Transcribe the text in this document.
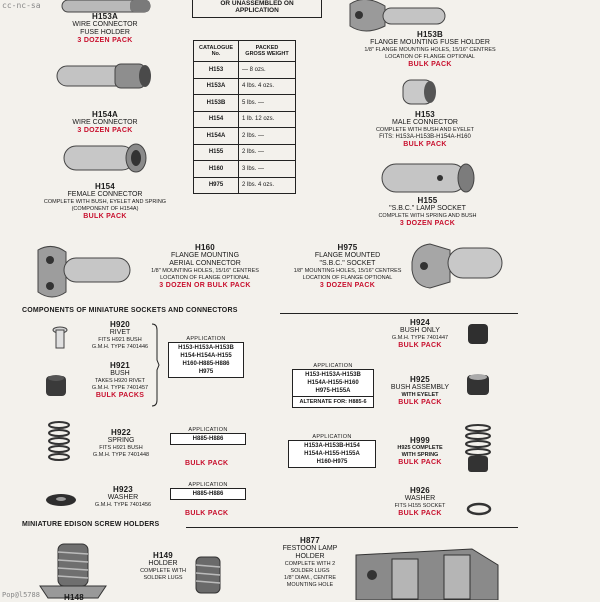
cc-nc-sa
Pop@l5788
OR UNASSEMBLED ON
APPLICATION
H153A
WIRE CONNECTOR
FUSE HOLDER
3 DOZEN PACK
H154A
WIRE CONNECTOR
3 DOZEN PACK
H154
FEMALE CONNECTOR
COMPLETE WITH BUSH, EYELET AND SPRING
(COMPONENT OF H154A)
BULK PACK
CATALOGUE
No.	PACKED
GROSS WEIGHT
H153	— 8 ozs.
H153A	4 lbs. 4 ozs.
H153B	5 lbs. —
H154	1 lb. 12 ozs.
H154A	2 lbs. —
H155	2 lbs. —
H160	3 lbs. —
H975	2 lbs. 4 ozs.
H153B
FLANGE MOUNTING FUSE HOLDER
1/8" FLANGE MOUNTING HOLES, 15/16" CENTRES
LOCATION OF FLANGE OPTIONAL
BULK PACK
H153
MALE CONNECTOR
COMPLETE WITH BUSH AND EYELET
FITS: H153A-H153B-H154A-H160
BULK PACK
H155
"S.B.C." LAMP SOCKET
COMPLETE WITH SPRING AND BUSH
3 DOZEN PACK
H160
FLANGE MOUNTING
AERIAL CONNECTOR
1/8" MOUNTING HOLES, 15/16" CENTRES
LOCATION OF FLANGE OPTIONAL
3 DOZEN OR BULK PACK
H975
FLANGE MOUNTED
"S.B.C." SOCKET
1/8" MOUNTING HOLES, 15/16" CENTRES
LOCATION OF FLANGE OPTIONAL
3 DOZEN PACK
COMPONENTS OF MINIATURE SOCKETS AND CONNECTORS
H920
RIVET
FITS H921 BUSH
G.M.H. TYPE 7401446
H921
BUSH
TAKES H920 RIVET
G.M.H. TYPE 7401457
BULK PACKS
APPLICATION
H153-H153A-H153B
H154-H154A-H155
H160-H885-H886
H975
H922
SPRING
FITS H921 BUSH
G.M.H. TYPE 7401448
APPLICATION
H885-H886
BULK PACK
H923
WASHER
G.M.H. TYPE 7401456
APPLICATION
H885-H886
BULK PACK
APPLICATION
H153-H153A-H153B
H154A-H155-H160
H975-H155A
ALTERNATE FOR: H885-6
APPLICATION
H153A-H153B-H154
H154A-H155-H155A
H160-H975
H924
BUSH ONLY
G.M.H. TYPE 7401447
BULK PACK
H925
BUSH ASSEMBLY
WITH EYELET
BULK PACK
H999
H925 COMPLETE
WITH SPRING
BULK PACK
H926
WASHER
FITS H155 SOCKET
BULK PACK
MINIATURE EDISON SCREW HOLDERS
H148
H149
HOLDER
COMPLETE WITH
SOLDER LUGS
H877
FESTOON LAMP
HOLDER
COMPLETE WITH 2
SOLDER LUGS
1/8" DIAM., CENTRE
MOUNTING HOLE
